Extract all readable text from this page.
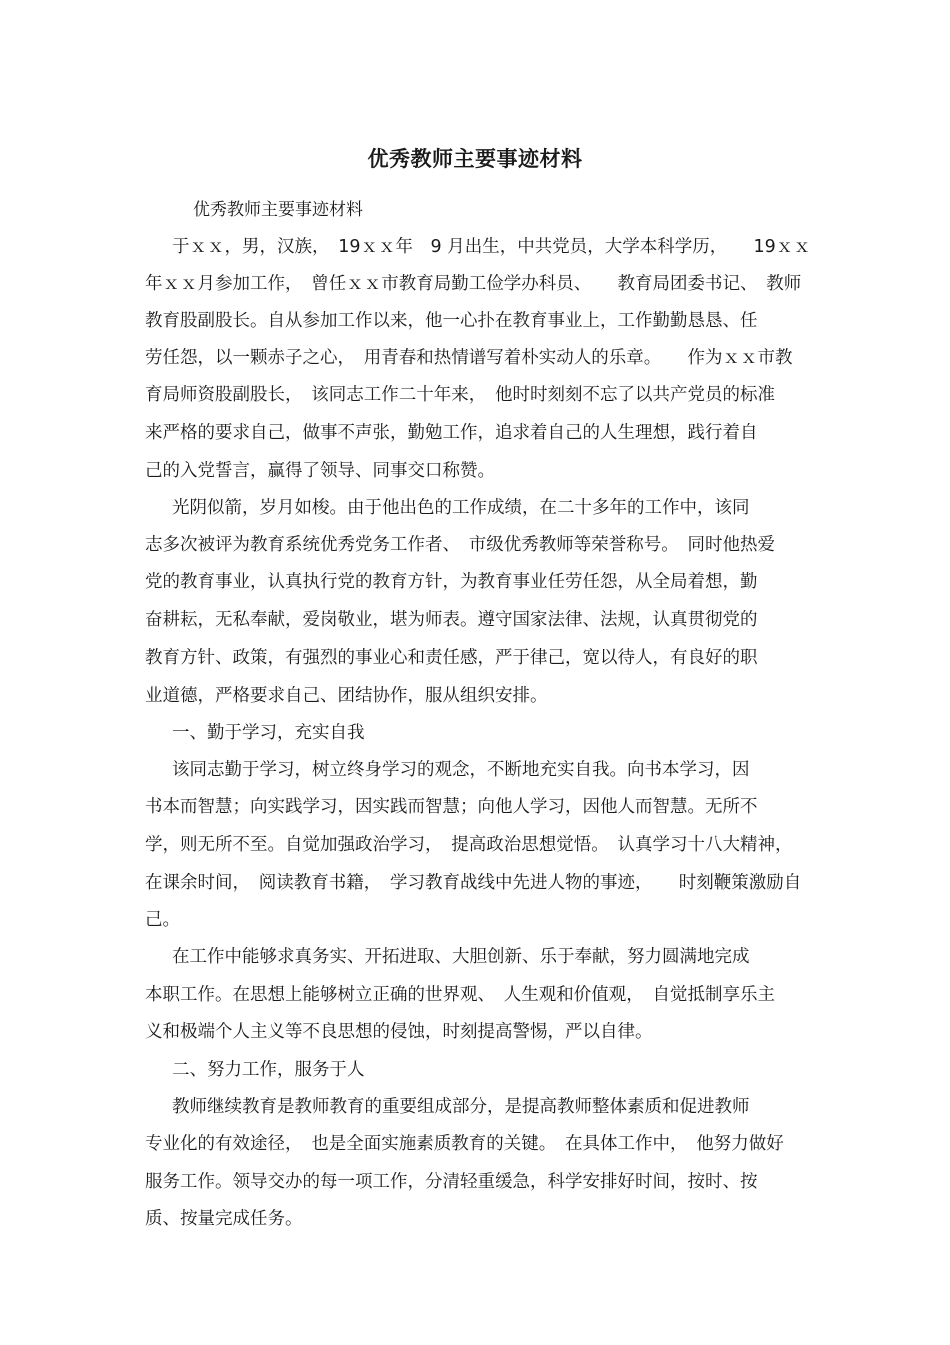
优秀教师主要事迹材料

优秀教师主要事迹材料

于ｘｘ，男，汉族，　19ｘｘ年　9 月出生，中共党员，大学本科学历，　　19ｘｘ

年ｘｘ月参加工作，　曾任ｘｘ市教育局勤工俭学办科员、　　教育局团委书记、　教师

教育股副股长。自从参加工作以来，他一心扑在教育事业上，工作勤勤恳恳、任

劳任怨，以一颗赤子之心，　用青春和热情谱写着朴实动人的乐章。　　作为ｘｘ市教

育局师资股副股长，　该同志工作二十年来，　他时时刻刻不忘了以共产党员的标准

来严格的要求自己，做事不声张，勤勉工作，追求着自己的人生理想，践行着自

己的入党誓言，赢得了领导、同事交口称赞。

光阴似箭，岁月如梭。由于他出色的工作成绩，在二十多年的工作中，该同

志多次被评为教育系统优秀党务工作者、　市级优秀教师等荣誉称号。　同时他热爱

党的教育事业，认真执行党的教育方针，为教育事业任劳任怨，从全局着想，勤

奋耕耘，无私奉献，爱岗敬业，堪为师表。遵守国家法律、法规，认真贯彻党的

教育方针、政策，有强烈的事业心和责任感，严于律己，宽以待人，有良好的职

业道德，严格要求自己、团结协作，服从组织安排。

一、勤于学习，充实自我

该同志勤于学习，树立终身学习的观念，不断地充实自我。向书本学习，因

书本而智慧；向实践学习，因实践而智慧；向他人学习，因他人而智慧。无所不

学，则无所不至。自觉加强政治学习，　提高政治思想觉悟。　认真学习十八大精神，

在课余时间，　阅读教育书籍，　学习教育战线中先进人物的事迹，　　时刻鞭策激励自

己。

在工作中能够求真务实、开拓进取、大胆创新、乐于奉献，努力圆满地完成

本职工作。在思想上能够树立正确的世界观、　人生观和价值观，　自觉抵制享乐主

义和极端个人主义等不良思想的侵蚀，时刻提高警惕，严以自律。

二、努力工作，服务于人

教师继续教育是教师教育的重要组成部分，是提高教师整体素质和促进教师

专业化的有效途径，　也是全面实施素质教育的关键。　在具体工作中，　他努力做好

服务工作。领导交办的每一项工作，分清轻重缓急，科学安排好时间，按时、按

质、按量完成任务。
